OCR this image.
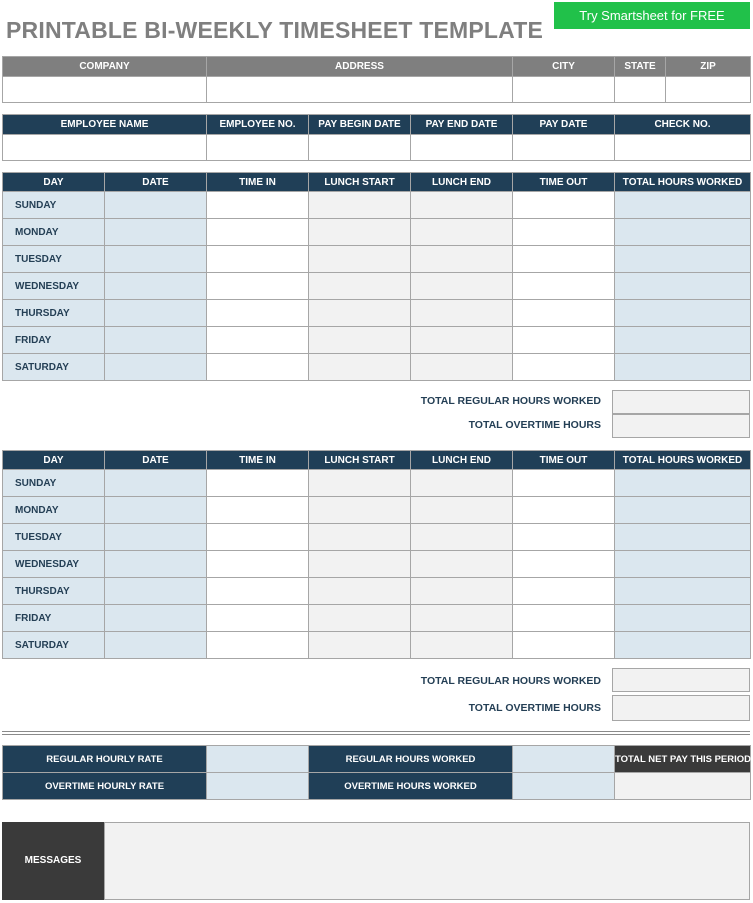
PRINTABLE BI-WEEKLY TIMESHEET TEMPLATE
Try Smartsheet for FREE
COMPANY	ADDRESS	CITY	STATE	ZIP

EMPLOYEE NAME	EMPLOYEE NO.	PAY BEGIN DATE	PAY END DATE	PAY DATE	CHECK NO.

DAY	DATE	TIME IN	LUNCH START	LUNCH END	TIME OUT	TOTAL HOURS WORKED
SUNDAY						
MONDAY						
TUESDAY						
WEDNESDAY						
THURSDAY						
FRIDAY						
SATURDAY						
TOTAL REGULAR HOURS WORKED
TOTAL OVERTIME HOURS
DAY	DATE	TIME IN	LUNCH START	LUNCH END	TIME OUT	TOTAL HOURS WORKED
SUNDAY						
MONDAY						
TUESDAY						
WEDNESDAY						
THURSDAY						
FRIDAY						
SATURDAY						
TOTAL REGULAR HOURS WORKED
TOTAL OVERTIME HOURS
REGULAR HOURLY RATE		REGULAR HOURS WORKED		TOTAL NET PAY THIS PERIOD
OVERTIME HOURLY RATE		OVERTIME HOURS WORKED		
MESSAGES
